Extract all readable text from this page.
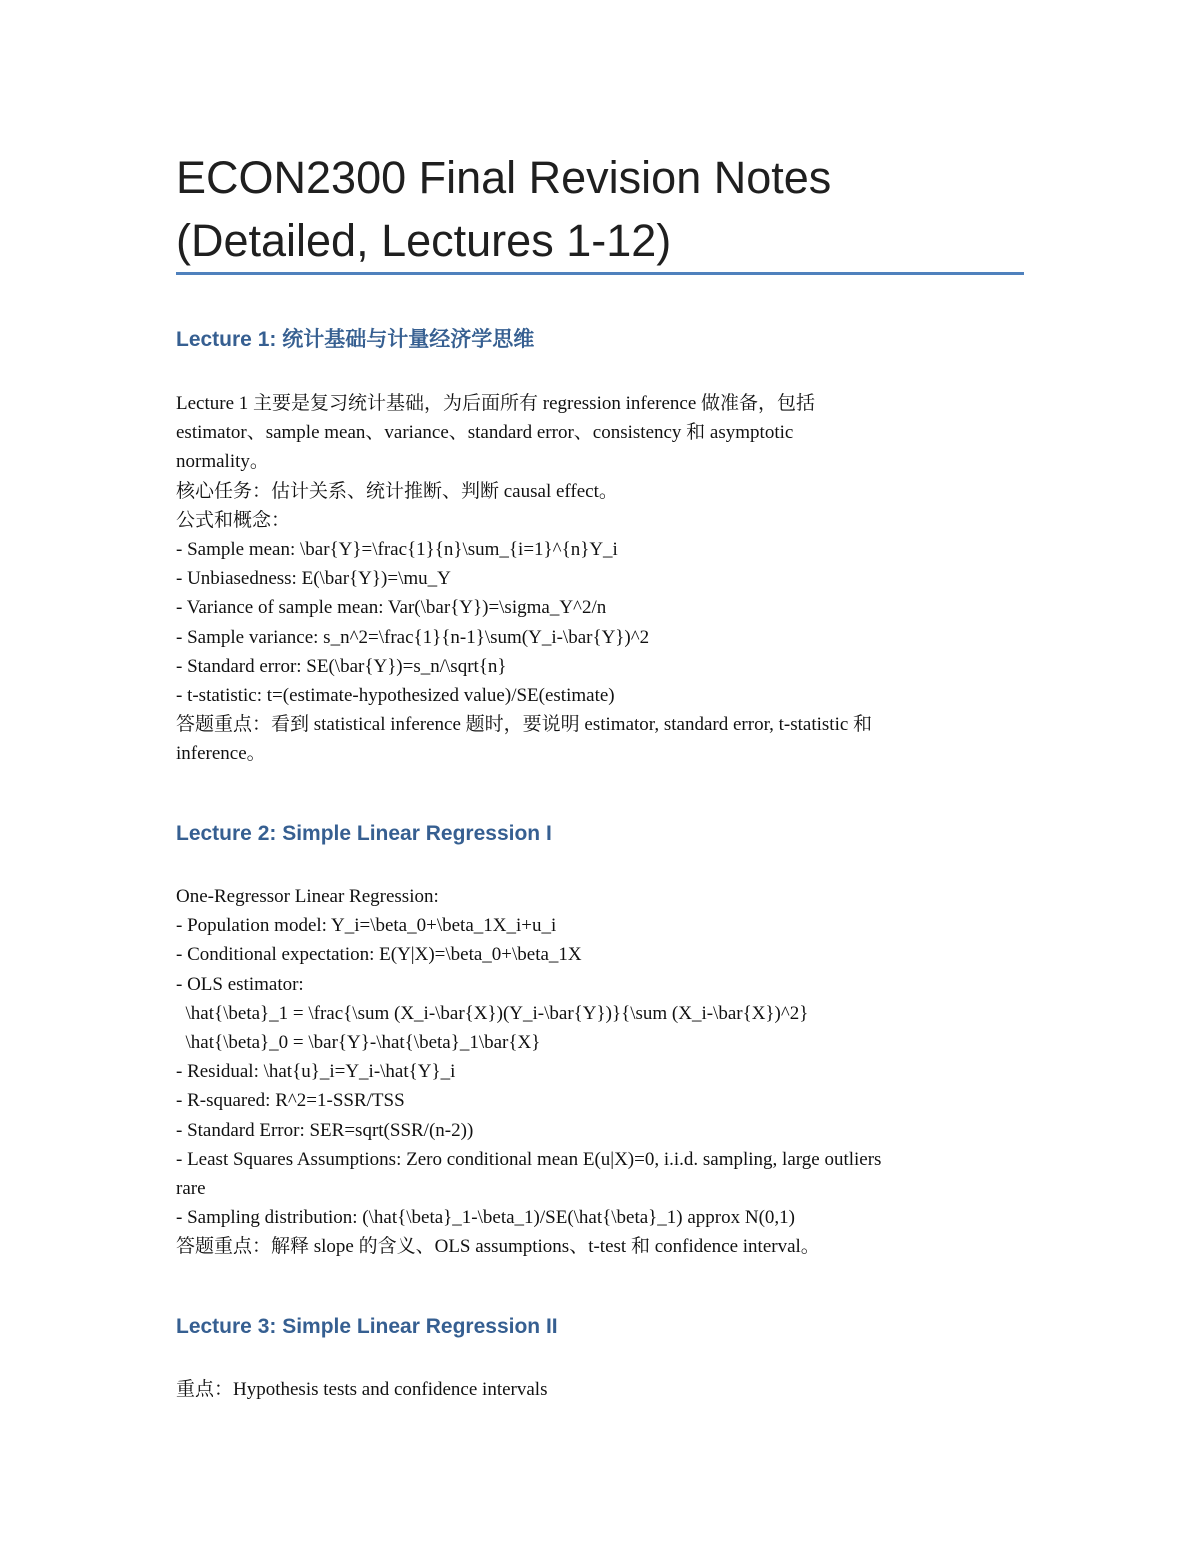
ECON2300 Final Revision Notes
(Detailed, Lectures 1-12)
Lecture 1: 统计基础与计量经济学思维

Lecture 1 主要是复习统计基础，为后面所有 regression inference 做准备，包括

estimator、sample mean、variance、standard error、consistency 和 asymptotic

normality。

核心任务：估计关系、统计推断、判断 causal effect。

公式和概念：

- Sample mean: \bar{Y}=\frac{1}{n}\sum_{i=1}^{n}Y_i

- Unbiasedness: E(\bar{Y})=\mu_Y

- Variance of sample mean: Var(\bar{Y})=\sigma_Y^2/n

- Sample variance: s_n^2=\frac{1}{n-1}\sum(Y_i-\bar{Y})^2

- Standard error: SE(\bar{Y})=s_n/\sqrt{n}

- t-statistic: t=(estimate-hypothesized value)/SE(estimate)

答题重点：看到 statistical inference 题时，要说明 estimator, standard error, t-statistic 和

inference。

Lecture 2: Simple Linear Regression I

One-Regressor Linear Regression:

- Population model: Y_i=\beta_0+\beta_1X_i+u_i

- Conditional expectation: E(Y|X)=\beta_0+\beta_1X

- OLS estimator:

\hat{\beta}_1 = \frac{\sum (X_i-\bar{X})(Y_i-\bar{Y})}{\sum (X_i-\bar{X})^2}

\hat{\beta}_0 = \bar{Y}-\hat{\beta}_1\bar{X}

- Residual: \hat{u}_i=Y_i-\hat{Y}_i

- R-squared: R^2=1-SSR/TSS

- Standard Error: SER=sqrt(SSR/(n-2))

- Least Squares Assumptions: Zero conditional mean E(u|X)=0, i.i.d. sampling, large outliers

rare

- Sampling distribution: (\hat{\beta}_1-\beta_1)/SE(\hat{\beta}_1) approx N(0,1)

答题重点：解释 slope 的含义、OLS assumptions、t-test 和 confidence interval。

Lecture 3: Simple Linear Regression II

重点：Hypothesis tests and confidence intervals
